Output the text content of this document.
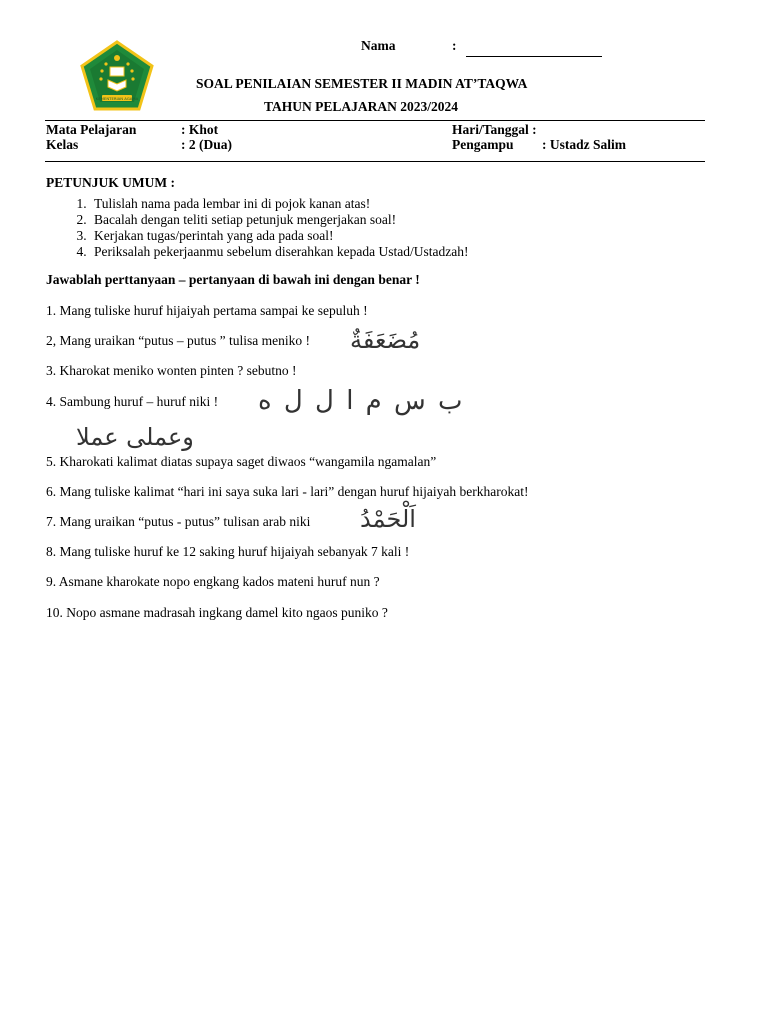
KEMENTERIAN AGAMA
Nama	:
SOAL PENILAIAN SEMESTER II MADIN AT’TAQWA
TAHUN PELAJARAN 2023/2024
Mata Pelajaran	: Khot
Kelas	: 2 (Dua)
Hari/Tanggal :
Pengampu : Ustadz Salim
PETUNJUK UMUM :
1. Tulislah nama pada lembar ini di pojok kanan atas!
2. Bacalah dengan teliti setiap petunjuk mengerjakan soal!
3. Kerjakan tugas/perintah yang ada pada soal!
4. Periksalah pekerjaanmu sebelum diserahkan kepada Ustad/Ustadzah!
Jawablah perttanyaan – pertanyaan di bawah ini dengan benar !
1. Mang tuliske huruf hijaiyah pertama sampai ke sepuluh !
2, Mang uraikan “putus – putus ” tulisa meniko ! مُضَعَفَةٌ
3. Kharokat meniko wonten pinten ? sebutno !
4. Sambung huruf – huruf niki ! ب س م ا ل ل ه
وعملى عملا
5. Kharokati kalimat diatas supaya saget diwaos “wangamila ngamalan”
6. Mang tuliske kalimat “hari ini saya suka lari - lari” dengan huruf hijaiyah berkharokat!
7. Mang uraikan “putus - putus” tulisan arab niki اَلْحَمْدُ
8. Mang tuliske huruf ke 12 saking huruf hijaiyah sebanyak 7 kali !
9. Asmane kharokate nopo engkang kados mateni huruf nun ?
10. Nopo asmane madrasah ingkang damel kito ngaos puniko ?
